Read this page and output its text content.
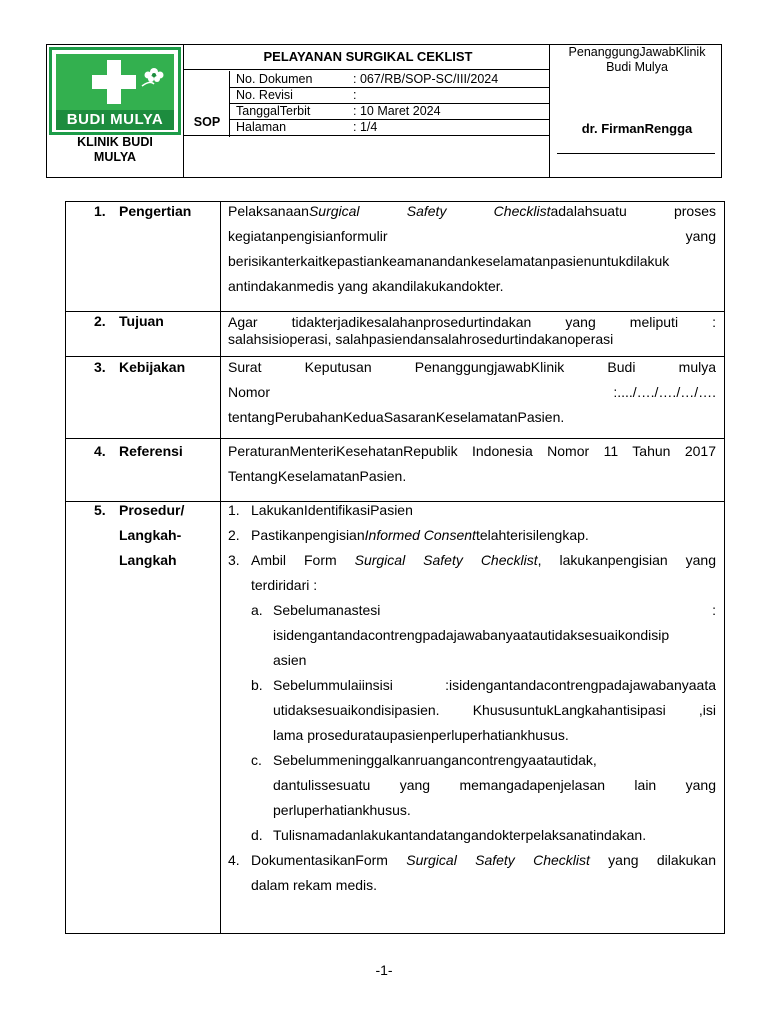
BUDI MULYA
KLINIK BUDI MULYA
SOP
PELAYANAN SURGIKAL CEKLIST
No. Dokumen	: 067/RB/SOP-SC/III/2024
No. Revisi	:
TanggalTerbit	: 10 Maret 2024
Halaman	: 1/4
PenanggungJawabKlinik
Budi Mulya
dr. FirmanRengga
1. Pengertian	PelaksanaanSurgical Safety Checklistadalahsuatu proses
kegiatanpengisianformulir yang
berisikanterkaitkepastiankeamanandankeselamatanpasienuntukdilakuk
antindakanmedis yang akandilakukandokter.
2. Tujuan	Agar tidakterjadikesalahanprosedurtindakan yang meliputi :
salahsisioperasi, salahpasiendansalahrosedurtindakanoperasi
3. Kebijakan	Surat Keputusan PenanggungjawabKlinik Budi mulya
Nomor :..../…./…./…/….
tentangPerubahanKeduaSasaranKeselamatanPasien.
4. Referensi	PeraturanMenteriKesehatanRepublik Indonesia Nomor 11 Tahun 2017
TentangKeselamatanPasien.
5. Prosedur/
Langkah-
Langkah
1. LakukanIdentifikasiPasien
2. PastikanpengisianInformed Consenttelahterisilengkap.
3. Ambil Form Surgical Safety Checklist, lakukanpengisian yang
terdiridari :
a. Sebelumanastesi :
isidengantandacontrengpadajawabanyaatautidaksesuaikondisip
asien
b. Sebelummulaiinsisi :isidengantandacontrengpadajawabanyaata
utidaksesuaikondisipasien. KhususuntukLangkahantisipasi ,isi
lama prosedurataupasienperluperhatiankhusus.
c. Sebelummeninggalkanruangancontrengyaatautidak,
dantulissesuatu yang memangadapenjelasan lain yang
perluperhatiankhusus.
d. Tulisnamadanlakukantandatangandokterpelaksanatindakan.
4. DokumentasikanForm Surgical Safety Checklist yang dilakukan
dalam rekam medis.
-1-
